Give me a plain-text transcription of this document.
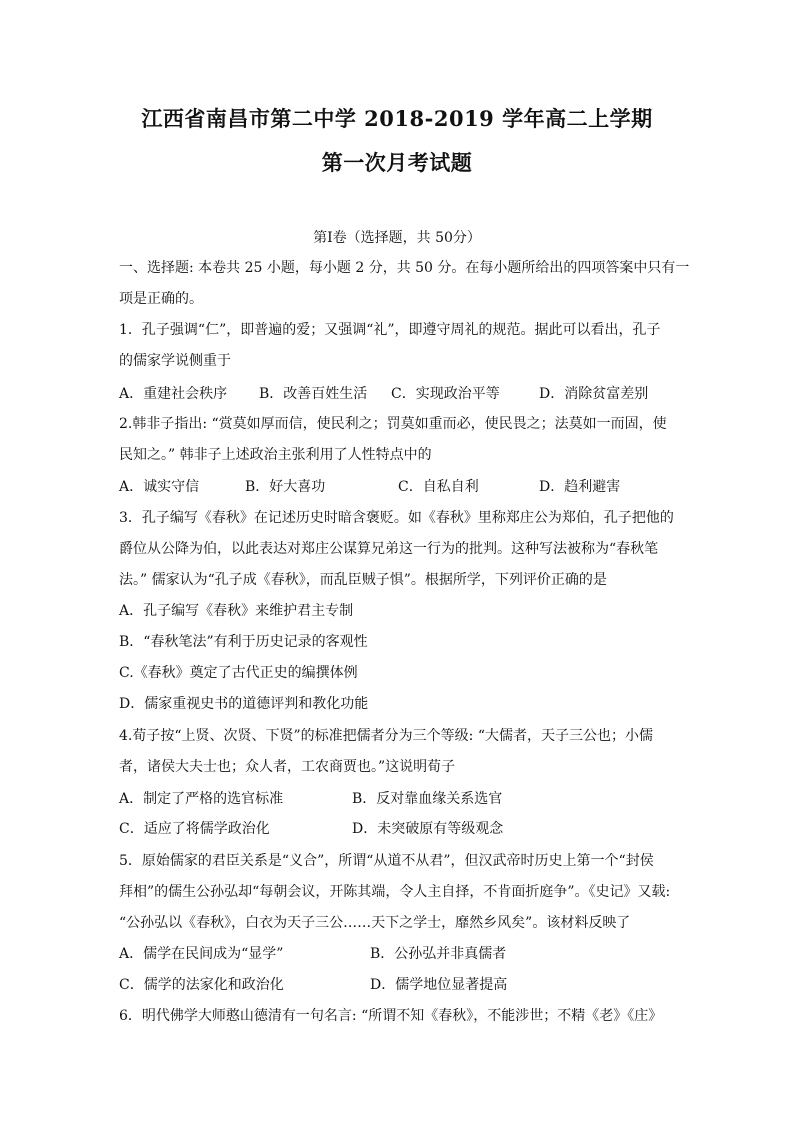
江西省南昌市第二中学 2018-2019 学年高二上学期
第一次月考试题
第Ⅰ卷（选择题，共 50分）
一、选择题: 本卷共 25 小题，每小题 2 分，共 50 分。在每小题所给出的四项答案中只有一
项是正确的。
1．孔子强调“仁”，即普遍的爱；又强调“礼”，即遵守周礼的规范。据此可以看出，孔子
的儒家学说侧重于
A．重建社会秩序 B．改善百姓生活 C．实现政治平等	D．消除贫富差别
2.韩非子指出: “赏莫如厚而信，使民利之；罚莫如重而必，使民畏之；法莫如一而固，使
民知之。” 韩非子上述政治主张利用了人性特点中的
A．诚实守信	B．好大喜功	C．自私自利	D．趋利避害
3．孔子编写《春秋》在记述历史时暗含褒贬。如《春秋》里称郑庄公为郑伯，孔子把他的
爵位从公降为伯，以此表达对郑庄公谋算兄弟这一行为的批判。这种写法被称为“春秋笔
法。” 儒家认为“孔子成《春秋》，而乱臣贼子惧”。根据所学，下列评价正确的是
A．孔子编写《春秋》来维护君主专制
B．“春秋笔法”有利于历史记录的客观性
C.《春秋》奠定了古代正史的编撰体例
D．儒家重视史书的道德评判和教化功能
4.荀子按“上贤、次贤、下贤”的标准把儒者分为三个等级: “大儒者，天子三公也；小儒
者，诸侯大夫士也；众人者，工农商贾也。”这说明荀子
A．制定了严格的选官标准	B．反对靠血缘关系选官
C．适应了将儒学政治化	D．未突破原有等级观念
5．原始儒家的君臣关系是“义合”，所谓“从道不从君”，但汉武帝时历史上第一个“封侯
拜相”的儒生公孙弘却“每朝会议，开陈其端，令人主自择，不肯面折庭争”。《史记》又载:
“公孙弘以《春秋》，白衣为天子三公……天下之学士，靡然乡风矣”。该材料反映了
A．儒学在民间成为“显学”	B．公孙弘并非真儒者
C．儒学的法家化和政治化	D．儒学地位显著提高
6．明代佛学大师憨山德清有一句名言: “所谓不知《春秋》，不能涉世；不精《老》《庄》
